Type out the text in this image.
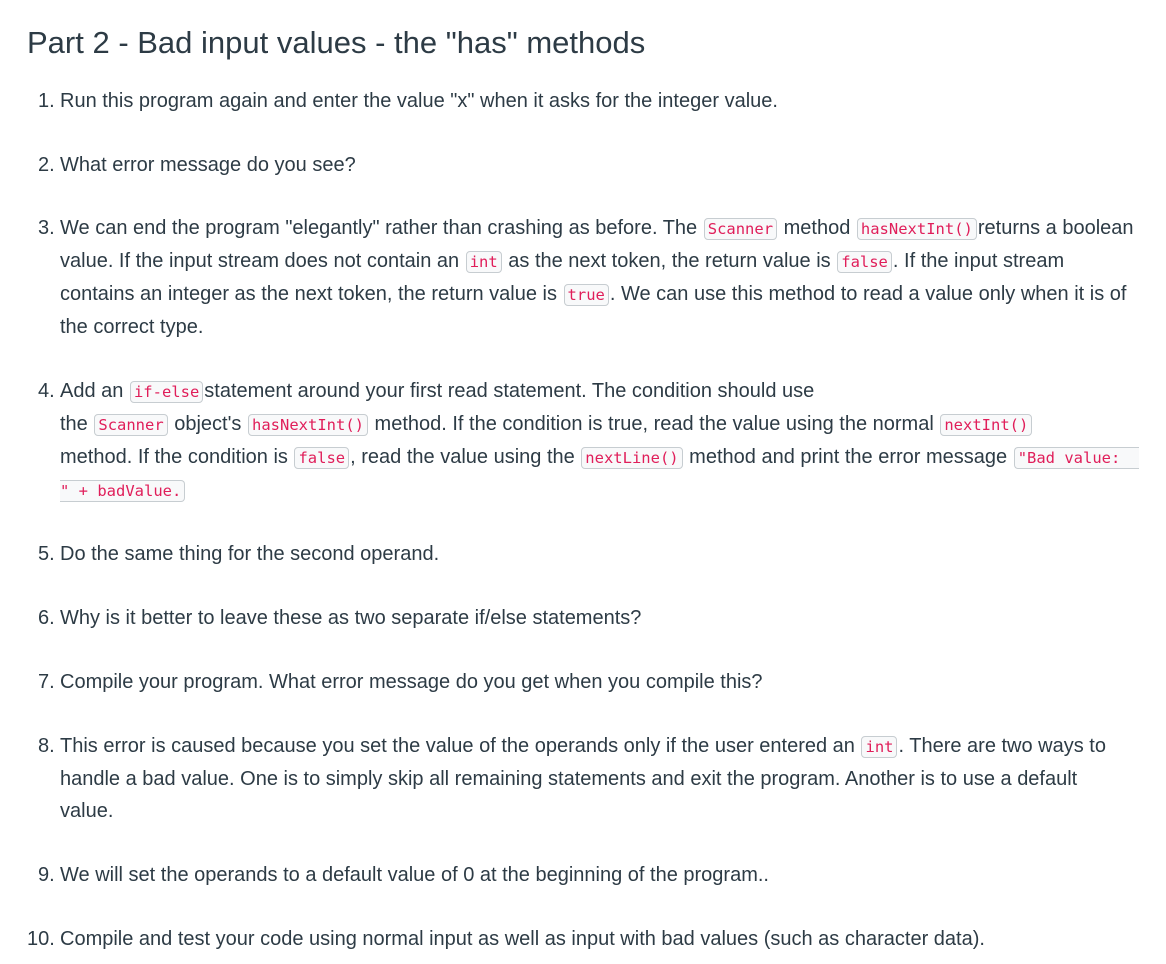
Part 2 - Bad input values - the "has" methods
1. Run this program again and enter the value "x" when it asks for the integer value.
2. What error message do you see?
3. We can end the program "elegantly" rather than crashing as before. The Scanner method hasNextInt() returns a boolean value. If the input stream does not contain an int as the next token, the return value is false . If the input stream contains an integer as the next token, the return value is true . We can use this method to read a value only when it is of the correct type.
4. Add an if-else statement around your first read statement. The condition should use
the Scanner object's hasNextInt() method. If the condition is true, read the value using the normal nextInt()
method. If the condition is false , read the value using the nextLine() method and print the error message "Bad value:  " + badValue.
5. Do the same thing for the second operand.
6. Why is it better to leave these as two separate if/else statements?
7. Compile your program. What error message do you get when you compile this?
8. This error is caused because you set the value of the operands only if the user entered an int . There are two ways to handle a bad value. One is to simply skip all remaining statements and exit the program. Another is to use a default value.
9. We will set the operands to a default value of 0 at the beginning of the program..
10. Compile and test your code using normal input as well as input with bad values (such as character data).
